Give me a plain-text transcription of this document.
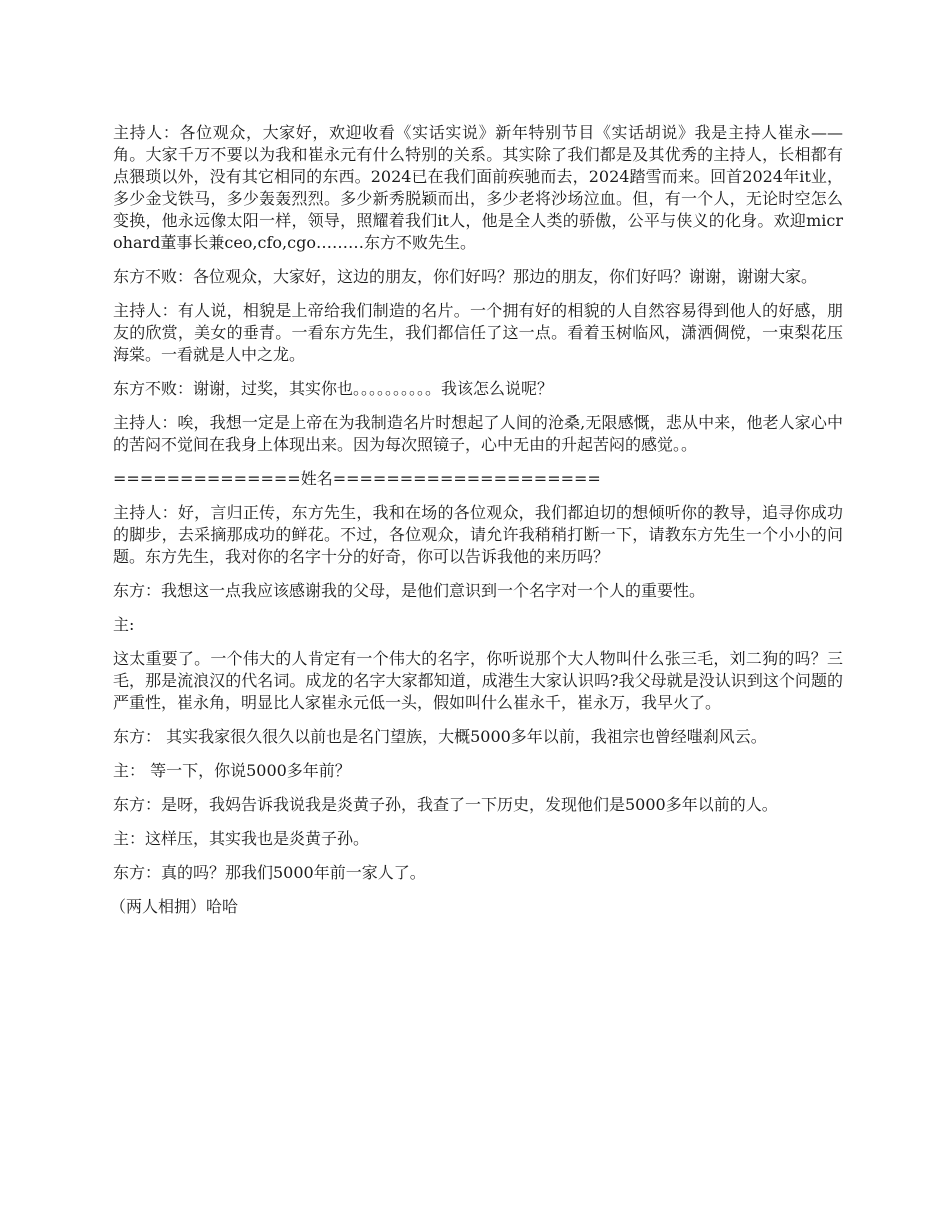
主持人：各位观众，大家好，欢迎收看《实话实说》新年特别节目《实话胡说》我是主持人崔永——角。大家千万不要以为我和崔永元有什么特别的关系。其实除了我们都是及其优秀的主持人，长相都有点猥琐以外，没有其它相同的东西。2024已在我们面前疾驰而去，2024踏雪而来。回首2024年it业，多少金戈铁马，多少轰轰烈烈。多少新秀脱颖而出，多少老将沙场泣血。但，有一个人，无论时空怎么变换，他永远像太阳一样，领导，照耀着我们it人，他是全人类的骄傲，公平与侠义的化身。欢迎microhard董事长兼ceo,cfo,cgo………东方不败先生。

东方不败：各位观众，大家好，这边的朋友，你们好吗？那边的朋友，你们好吗？谢谢，谢谢大家。

主持人：有人说，相貌是上帝给我们制造的名片。一个拥有好的相貌的人自然容易得到他人的好感，朋友的欣赏，美女的垂青。一看东方先生，我们都信任了这一点。看着玉树临风，潇洒倜傥，一束梨花压海棠。一看就是人中之龙。

东方不败：谢谢，过奖，其实你也。。。。。。。。。。我该怎么说呢？

主持人：唉，我想一定是上帝在为我制造名片时想起了人间的沧桑,无限感慨，悲从中来，他老人家心中的苦闷不觉间在我身上体现出来。因为每次照镜子，心中无由的升起苦闷的感觉。。

==============姓名====================

主持人：好，言归正传，东方先生，我和在场的各位观众，我们都迫切的想倾听你的教导，追寻你成功的脚步，去采摘那成功的鲜花。不过，各位观众，请允许我稍稍打断一下，请教东方先生一个小小的问题。东方先生，我对你的名字十分的好奇，你可以告诉我他的来历吗？

东方：我想这一点我应该感谢我的父母，是他们意识到一个名字对一个人的重要性。

主:

这太重要了。一个伟大的人肯定有一个伟大的名字，你听说那个大人物叫什么张三毛，刘二狗的吗？三毛，那是流浪汉的代名词。成龙的名字大家都知道，成港生大家认识吗?我父母就是没认识到这个问题的严重性，崔永角，明显比人家崔永元低一头，假如叫什么崔永千，崔永万，我早火了。

东方： 其实我家很久很久以前也是名门望族，大概5000多年以前，我祖宗也曾经嗤刹风云。

主： 等一下，你说5000多年前？

东方：是呀，我妈告诉我说我是炎黄子孙，我查了一下历史，发现他们是5000多年以前的人。

主：这样压，其实我也是炎黄子孙。

东方：真的吗？那我们5000年前一家人了。

（两人相拥）哈哈
